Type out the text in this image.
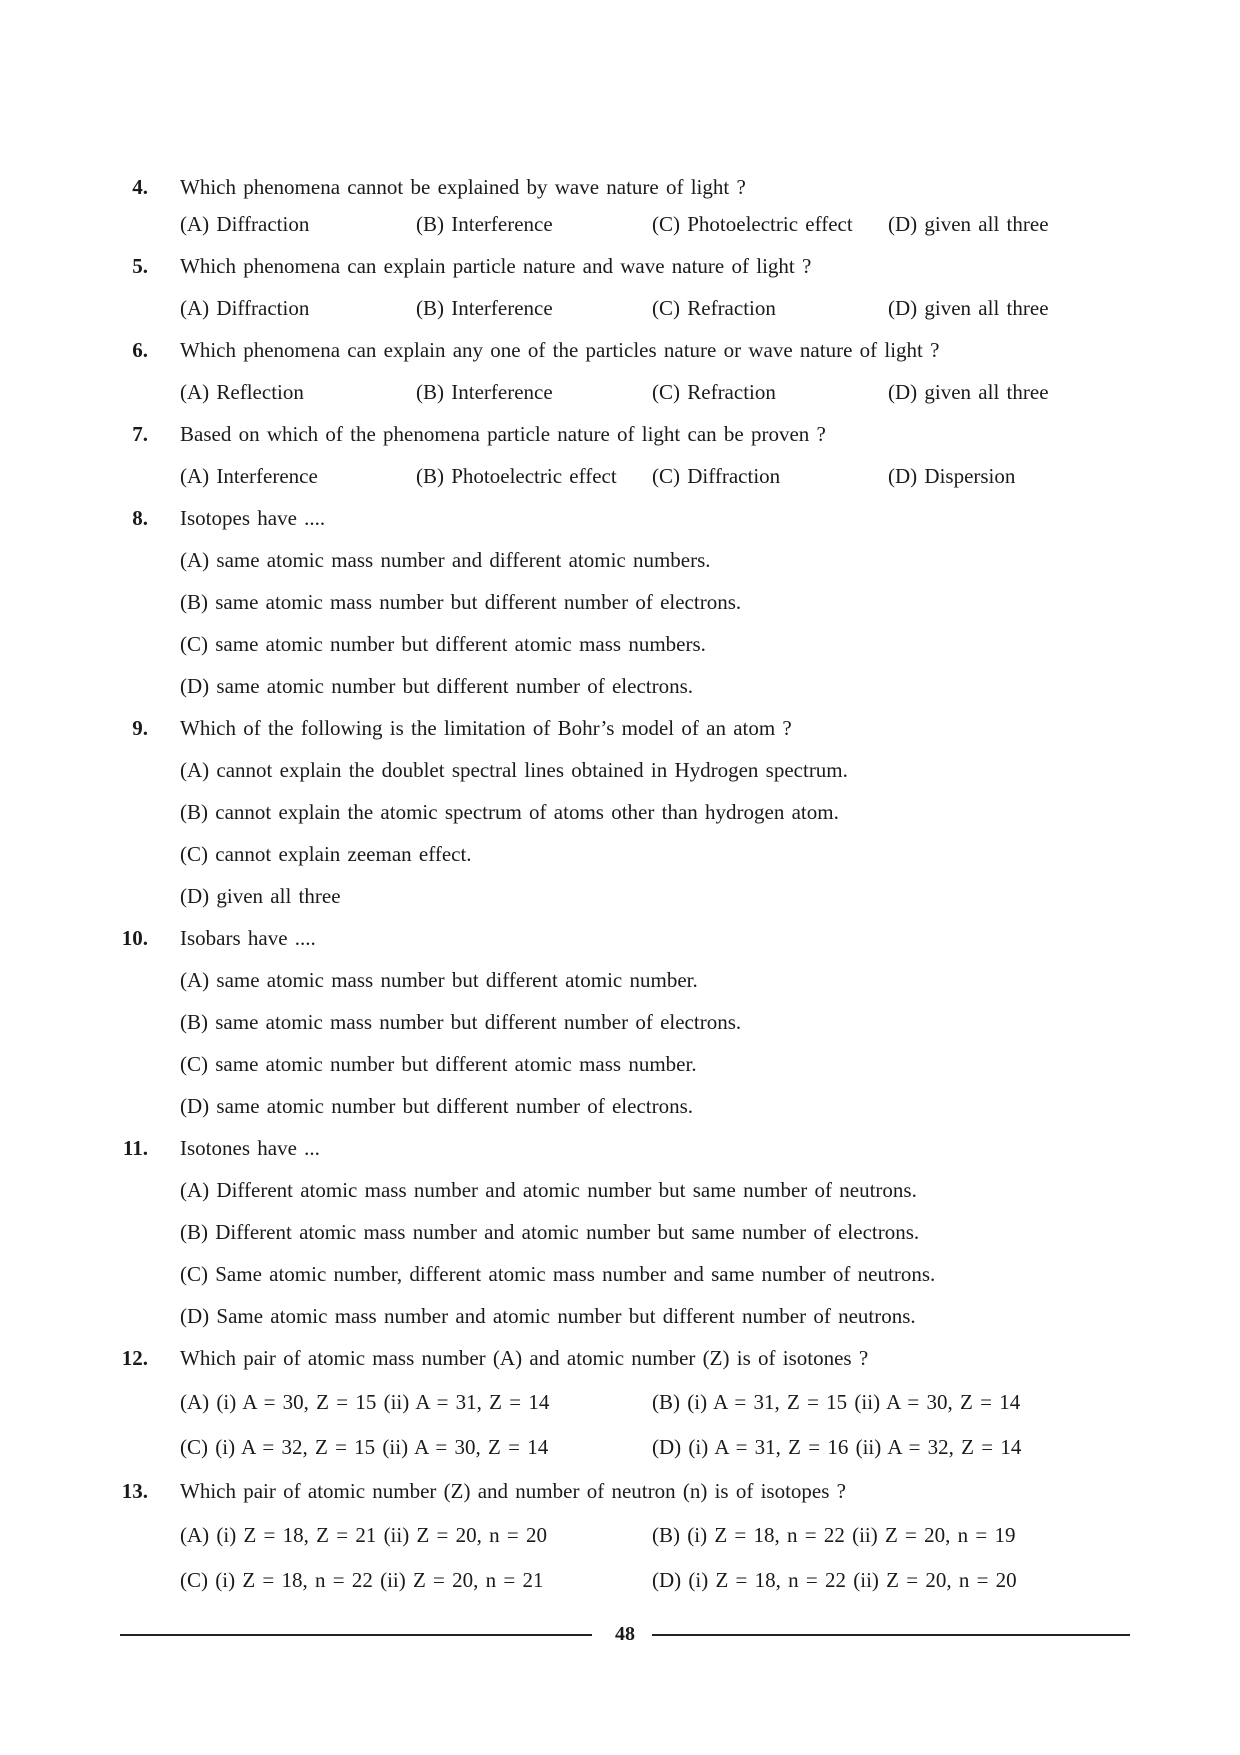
4. Which phenomena cannot be explained by wave nature of light ?
(A) Diffraction	(B) Interference	(C) Photoelectric effect (D) given all three
5. Which phenomena can explain particle nature and wave nature of light ?
(A) Diffraction	(B) Interference	(C) Refraction	(D) given all three
6. Which phenomena can explain any one of the particles nature or wave nature of light ?
(A) Reflection	(B) Interference	(C) Refraction	(D) given all three
7. Based on which of the phenomena particle nature of light can be proven ?
(A) Interference	(B) Photoelectric effect (C) Diffraction	(D) Dispersion
8. Isotopes have ....
(A) same atomic mass number and different atomic numbers.
(B) same atomic mass number but different number of electrons.
(C) same atomic number but different atomic mass numbers.
(D) same atomic number but different number of electrons.
9. Which of the following is the limitation of Bohr’s model of an atom ?
(A) cannot explain the doublet spectral lines obtained in Hydrogen spectrum.
(B) cannot explain the atomic spectrum of atoms other than hydrogen atom.
(C) cannot explain zeeman effect.
(D) given all three
10. Isobars have ....
(A) same atomic mass number but different atomic number.
(B) same atomic mass number but different number of electrons.
(C) same atomic number but different atomic mass number.
(D) same atomic number but different number of electrons.
11. Isotones have ...
(A) Different atomic mass number and atomic number but same number of neutrons.
(B) Different atomic mass number and atomic number but same number of electrons.
(C) Same atomic number, different atomic mass number and same number of neutrons.
(D) Same atomic mass number and atomic number but different number of neutrons.
12. Which pair of atomic mass number (A) and atomic number (Z) is of isotones ?
(A) (i) A = 30, Z = 15 (ii) A = 31, Z = 14	(B) (i) A = 31, Z = 15 (ii) A = 30, Z = 14
(C) (i) A = 32, Z = 15 (ii) A = 30, Z = 14	(D) (i) A = 31, Z = 16 (ii) A = 32, Z = 14
13. Which pair of atomic number (Z) and number of neutron (n) is of isotopes ?
(A) (i) Z = 18, Z = 21 (ii) Z = 20, n = 20	(B) (i) Z = 18, n = 22 (ii) Z = 20, n = 19
(C) (i) Z = 18, n = 22 (ii) Z = 20, n = 21	(D) (i) Z = 18, n = 22 (ii) Z = 20, n = 20
48
